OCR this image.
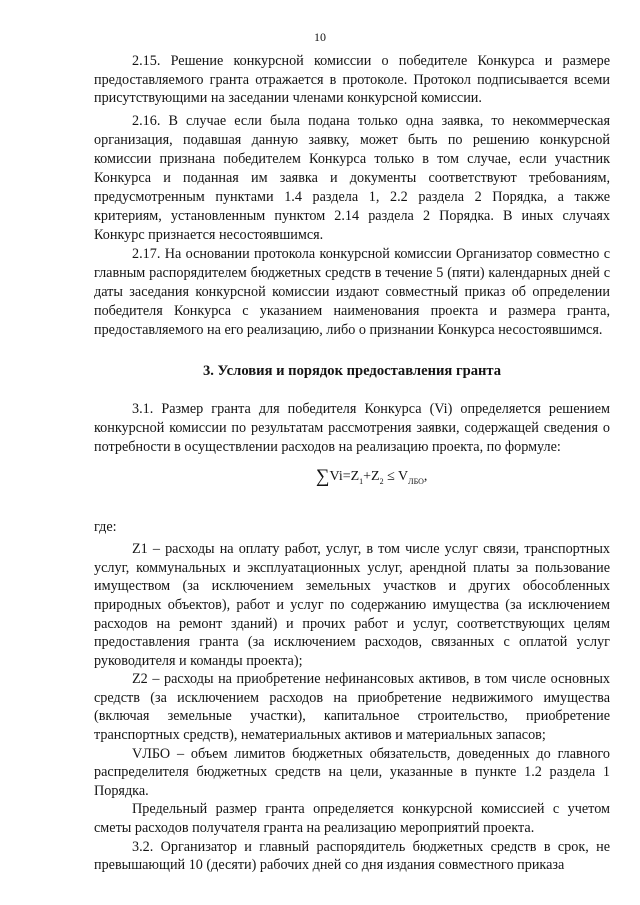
10

2.15. Решение конкурсной комиссии о победителе Конкурса и размере предоставляемого гранта отражается в протоколе. Протокол подписывается всеми присутствующими на заседании членами конкурсной комиссии.

2.16. В случае если была подана только одна заявка, то некоммерческая организация, подавшая данную заявку, может быть по решению конкурсной комиссии признана победителем Конкурса только в том случае, если участник Конкурса и поданная им заявка и документы соответствуют требованиям, предусмотренным пунктами 1.4 раздела 1, 2.2 раздела 2 Порядка, а также критериям, установленным пунктом 2.14 раздела 2 Порядка. В иных случаях Конкурс признается несостоявшимся.

2.17. На основании протокола конкурсной комиссии Организатор совместно с главным распорядителем бюджетных средств в течение 5 (пяти) календарных дней с даты заседания конкурсной комиссии издают совместный приказ об определении победителя Конкурса с указанием наименования проекта и размера гранта, предоставляемого на его реализацию, либо о признании Конкурса несостоявшимся.

3. Условия и порядок предоставления гранта

3.1. Размер гранта для победителя Конкурса (Vi) определяется решением конкурсной комиссии по результатам рассмотрения заявки, содержащей сведения о потребности в осуществлении расходов на реализацию проекта, по формуле:

$\sum Vi=Z_1+Z_2 \le V_{ЛБО}$,

где:

Z1 – расходы на оплату работ, услуг, в том числе услуг связи, транспортных услуг, коммунальных и эксплуатационных услуг, арендной платы за пользование имуществом (за исключением земельных участков и других обособленных природных объектов), работ и услуг по содержанию имущества (за исключением расходов на ремонт зданий) и прочих работ и услуг, соответствующих целям предоставления гранта (за исключением расходов, связанных с оплатой услуг руководителя и команды проекта);

Z2 – расходы на приобретение нефинансовых активов, в том числе основных средств (за исключением расходов на приобретение недвижимого имущества (включая земельные участки), капитальное строительство, приобретение транспортных средств), нематериальных активов и материальных запасов;

VЛБО – объем лимитов бюджетных обязательств, доведенных до главного распределителя бюджетных средств на цели, указанные в пункте 1.2 раздела 1 Порядка.

Предельный размер гранта определяется конкурсной комиссией с учетом сметы расходов получателя гранта на реализацию мероприятий проекта.

3.2. Организатор и главный распорядитель бюджетных средств в срок, не превышающий 10 (десяти) рабочих дней со дня издания совместного приказа
